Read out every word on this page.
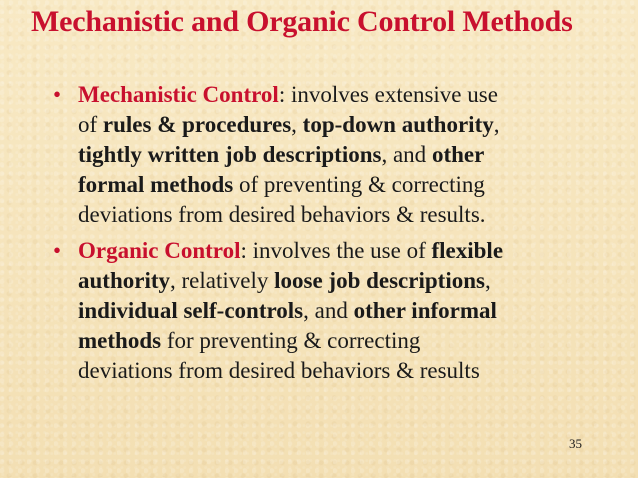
Mechanistic and Organic Control Methods
• Mechanistic Control: involves extensive use
of rules & procedures, top-down authority,
tightly written job descriptions, and other
formal methods of preventing & correcting
deviations from desired behaviors & results.
• Organic Control: involves the use of flexible
authority, relatively loose job descriptions,
individual self-controls, and other informal
methods for preventing & correcting
deviations from desired behaviors & results
35
